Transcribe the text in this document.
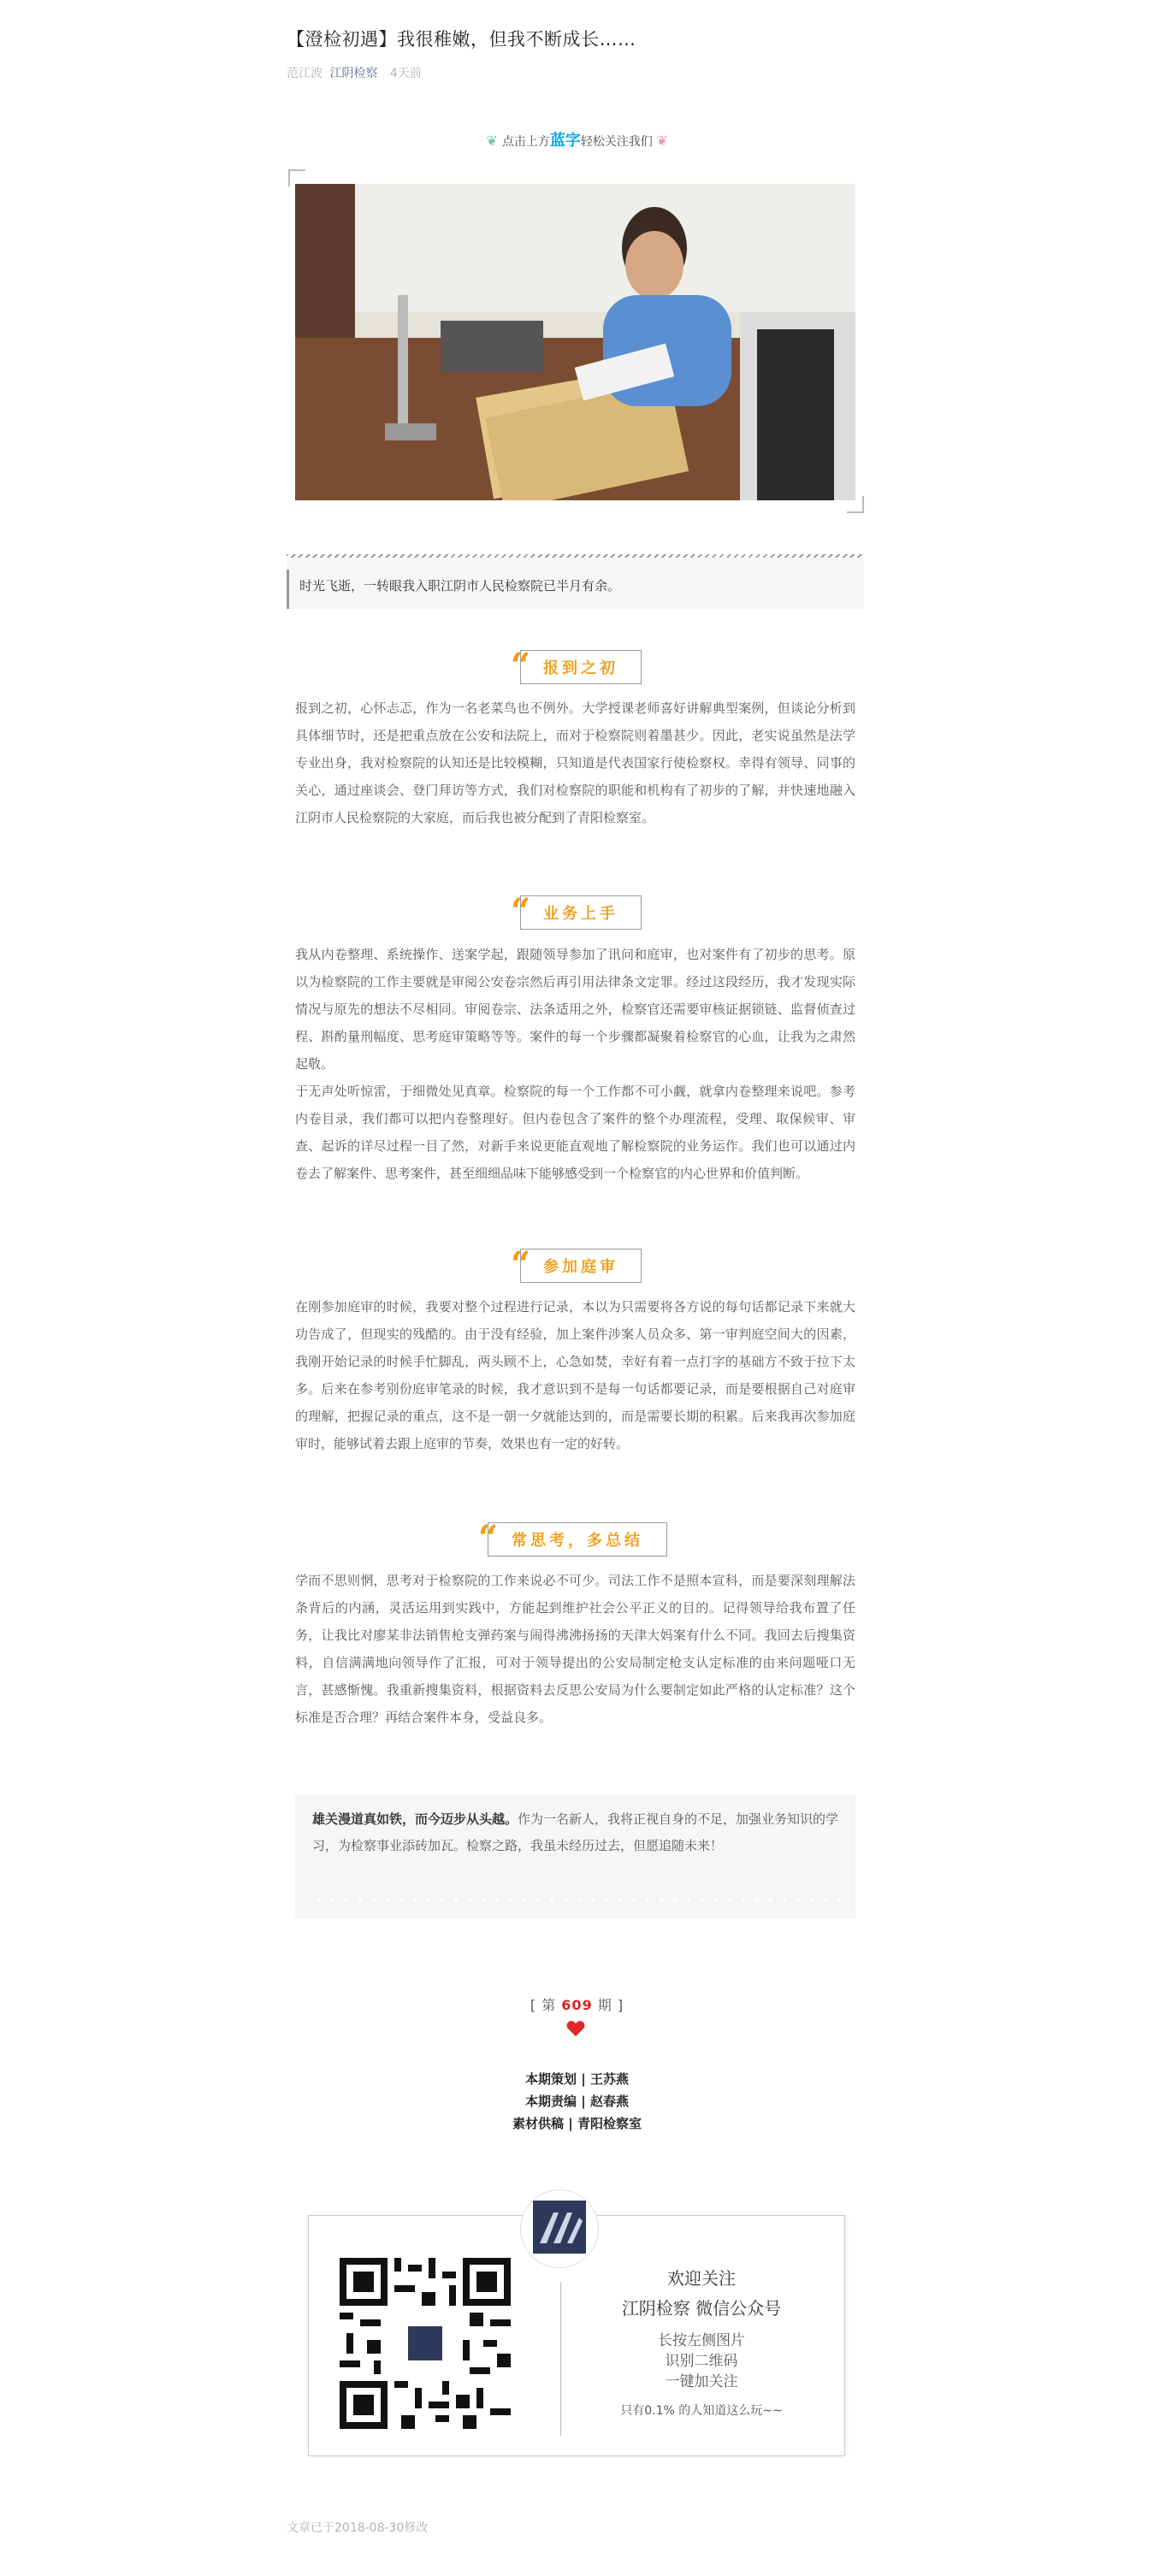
【澄检初遇】我很稚嫩，但我不断成长……
范江波 江阴检察 4天前
❦ 点击上方蓝字轻松关注我们 ❦
时光飞逝，一转眼我入职江阴市人民检察院已半月有余。
“ 报到之初
报到之初，心怀忐忑，作为一名老菜鸟也不例外。大学授课老师喜好讲解典型案例，但谈论分析到具体细节时，还是把重点放在公安和法院上，而对于检察院则着墨甚少。因此，老实说虽然是法学专业出身，我对检察院的认知还是比较模糊，只知道是代表国家行使检察权。幸得有领导、同事的关心，通过座谈会、登门拜访等方式，我们对检察院的职能和机构有了初步的了解，并快速地融入江阴市人民检察院的大家庭，而后我也被分配到了青阳检察室。
“ 业务上手
我从内卷整理、系统操作、送案学起，跟随领导参加了讯问和庭审，也对案件有了初步的思考。原以为检察院的工作主要就是审阅公安卷宗然后再引用法律条文定罪。经过这段经历，我才发现实际情况与原先的想法不尽相同。审阅卷宗、法条适用之外，检察官还需要审核证据锁链、监督侦查过程、斟酌量刑幅度、思考庭审策略等等。案件的每一个步骤都凝聚着检察官的心血，让我为之肃然起敬。
于无声处听惊雷，于细微处见真章。检察院的每一个工作都不可小觑，就拿内卷整理来说吧。参考内卷目录，我们都可以把内卷整理好。但内卷包含了案件的整个办理流程，受理、取保候审、审查、起诉的详尽过程一目了然，对新手来说更能直观地了解检察院的业务运作。我们也可以通过内卷去了解案件、思考案件，甚至细细品味下能够感受到一个检察官的内心世界和价值判断。
“ 参加庭审
在刚参加庭审的时候，我要对整个过程进行记录，本以为只需要将各方说的每句话都记录下来就大功告成了，但现实的残酷的。由于没有经验，加上案件涉案人员众多、第一审判庭空间大的因素，我刚开始记录的时候手忙脚乱，两头顾不上，心急如焚，幸好有着一点打字的基础方不致于拉下太多。后来在参考别份庭审笔录的时候，我才意识到不是每一句话都要记录，而是要根据自己对庭审的理解，把握记录的重点，这不是一朝一夕就能达到的，而是需要长期的积累。后来我再次参加庭审时，能够试着去跟上庭审的节奏，效果也有一定的好转。
“ 常思考，多总结
学而不思则惘，思考对于检察院的工作来说必不可少。司法工作不是照本宣科，而是要深刻理解法条背后的内涵，灵活运用到实践中，方能起到维护社会公平正义的目的。记得领导给我布置了任务，让我比对廖某非法销售枪支弹药案与闹得沸沸扬扬的天津大妈案有什么不同。我回去后搜集资料，自信满满地向领导作了汇报，可对于领导提出的公安局制定枪支认定标准的由来问题哑口无言，甚感惭愧。我重新搜集资料，根据资料去反思公安局为什么要制定如此严格的认定标准？这个标准是否合理？再结合案件本身，受益良多。
雄关漫道真如铁，而今迈步从头越。作为一名新人，我将正视自身的不足，加强业务知识的学习，为检察事业添砖加瓦。检察之路，我虽未经历过去，但愿追随未来！
[ 第 609 期 ]
本期策划 | 王苏燕
本期责编 | 赵春燕
素材供稿 | 青阳检察室
欢迎关注
江阴检察 微信公众号
长按左侧图片
识别二维码
一键加关注
只有0.1% 的人知道这么玩~~
文章已于2018-08-30修改
